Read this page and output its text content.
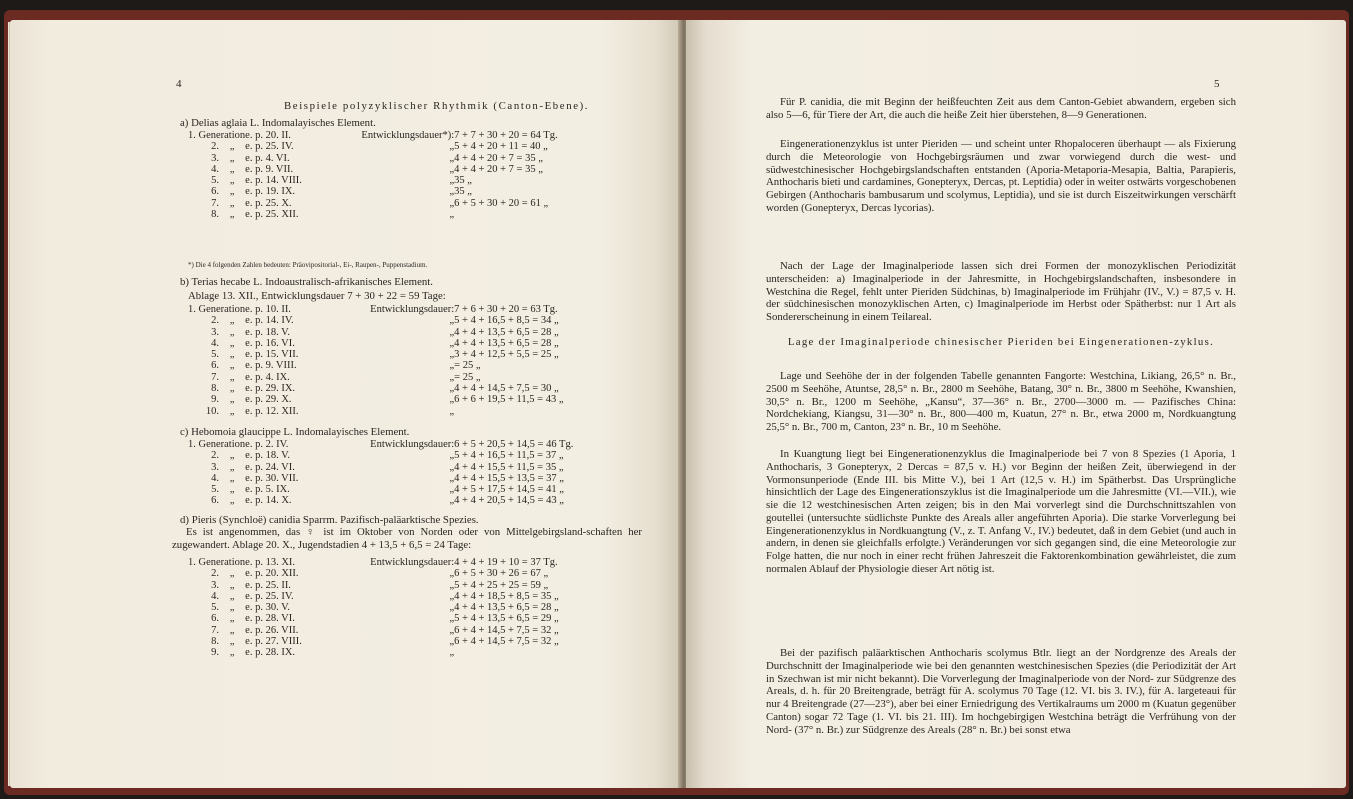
4
Beispiele polyzyklischer Rhythmik (Canton-Ebene).
a) Delias aglaia L. Indomalayisches Element.
1. Generation		e. p. 20. II.	Entwicklungsdauer*):	7 + 7 + 30 + 20 = 64 Tg.
2.	„	e. p. 25. IV.	„	5 + 4 + 20 + 11 = 40 „
3.	„	e. p. 4. VI.	„	4 + 4 + 20 + 7 = 35 „
4.	„	e. p. 9. VII.	„	4 + 4 + 20 + 7 = 35 „
5.	„	e. p. 14. VIII.	„	35 „
6.	„	e. p. 19. IX.	„	35 „
7.	„	e. p. 25. X.	„	6 + 5 + 30 + 20 = 61 „
8.	„	e. p. 25. XII.	„	
*) Die 4 folgenden Zahlen bedeuten: Präovipositorial-, Ei-, Raupen-, Puppenstadium.
b) Terias hecabe L. Indoaustralisch-afrikanisches Element.
Ablage 13. XII., Entwicklungsdauer 7 + 30 + 22 = 59 Tage:
1. Generation		e. p. 10. II.	Entwicklungsdauer:	7 + 6 + 30 + 20 = 63 Tg.
2.	„	e. p. 14. IV.	„	5 + 4 + 16,5 + 8,5 = 34 „
3.	„	e. p. 18. V.	„	4 + 4 + 13,5 + 6,5 = 28 „
4.	„	e. p. 16. VI.	„	4 + 4 + 13,5 + 6,5 = 28 „
5.	„	e. p. 15. VII.	„	3 + 4 + 12,5 + 5,5 = 25 „
6.	„	e. p. 9. VIII.	„	= 25 „
7.	„	e. p. 4. IX.	„	= 25 „
8.	„	e. p. 29. IX.	„	4 + 4 + 14,5 + 7,5 = 30 „
9.	„	e. p. 29. X.	„	6 + 6 + 19,5 + 11,5 = 43 „
10.	„	e. p. 12. XII.	„	
c) Hebomoia glaucippe L. Indomalayisches Element.
1. Generation		e. p. 2. IV.	Entwicklungsdauer:	6 + 5 + 20,5 + 14,5 = 46 Tg.
2.	„	e. p. 18. V.	„	5 + 4 + 16,5 + 11,5 = 37 „
3.	„	e. p. 24. VI.	„	4 + 4 + 15,5 + 11,5 = 35 „
4.	„	e. p. 30. VII.	„	4 + 4 + 15,5 + 13,5 = 37 „
5.	„	e. p. 5. IX.	„	4 + 5 + 17,5 + 14,5 = 41 „
6.	„	e. p. 14. X.	„	4 + 4 + 20,5 + 14,5 = 43 „
d) Pieris (Synchloë) canidia Sparrm. Pazifisch-paläarktische Spezies.
Es ist angenommen, das ♀ ist im Oktober von Norden oder von Mittelgebirgsland-schaften her zugewandert. Ablage 20. X., Jugendstadien 4 + 13,5 + 6,5 = 24 Tage:
1. Generation		e. p. 13. XI.	Entwicklungsdauer:	4 + 4 + 19 + 10 = 37 Tg.
2.	„	e. p. 20. XII.	„	6 + 5 + 30 + 26 = 67 „
3.	„	e. p. 25. II.	„	5 + 4 + 25 + 25 = 59 „
4.	„	e. p. 25. IV.	„	4 + 4 + 18,5 + 8,5 = 35 „
5.	„	e. p. 30. V.	„	4 + 4 + 13,5 + 6,5 = 28 „
6.	„	e. p. 28. VI.	„	5 + 4 + 13,5 + 6,5 = 29 „
7.	„	e. p. 26. VII.	„	6 + 4 + 14,5 + 7,5 = 32 „
8.	„	e. p. 27. VIII.	„	6 + 4 + 14,5 + 7,5 = 32 „
9.	„	e. p. 28. IX.	„	
5
Für P. canidia, die mit Beginn der heißfeuchten Zeit aus dem Canton-Gebiet abwandern, ergeben sich also 5—6, für Tiere der Art, die auch die heiße Zeit hier überstehen, 8—9 Generationen.
Eingenerationenzyklus ist unter Pieriden — und scheint unter Rhopaloceren überhaupt — als Fixierung durch die Meteorologie von Hochgebirgsräumen und zwar vorwiegend durch die west- und südwestchinesischer Hochgebirgslandschaften entstanden (Aporia-Metaporia-Mesapia, Baltia, Parapieris, Anthocharis bieti und cardamines, Gonepteryx, Dercas, pt. Leptidia) oder in weiter ostwärts vorgeschobenen Gebirgen (Anthocharis bambusarum und scolymus, Leptidia), und sie ist durch Eiszeitwirkungen verschärft worden (Gonepteryx, Dercas lycorias).
Nach der Lage der Imaginalperiode lassen sich drei Formen der monozyklischen Periodizität unterscheiden: a) Imaginalperiode in der Jahresmitte, in Hochgebirgslandschaften, insbesondere in Westchina die Regel, fehlt unter Pieriden Südchinas, b) Imaginalperiode im Frühjahr (IV., V.) = 87,5 v. H. der südchinesischen monozyklischen Arten, c) Imaginalperiode im Herbst oder Spätherbst: nur 1 Art als Sondererscheinung in einem Teilareal.
Lage der Imaginalperiode chinesischer Pieriden bei Eingenerationen-zyklus.
Lage und Seehöhe der in der folgenden Tabelle genannten Fangorte: Westchina, Likiang, 26,5° n. Br., 2500 m Seehöhe, Atuntse, 28,5° n. Br., 2800 m Seehöhe, Batang, 30° n. Br., 3800 m Seehöhe, Kwanshien, 30,5° n. Br., 1200 m Seehöhe, „Kansu“, 37—36° n. Br., 2700—3000 m. — Pazifisches China: Nordchekiang, Kiangsu, 31—30° n. Br., 800—400 m, Kuatun, 27° n. Br., etwa 2000 m, Nordkuangtung 25,5° n. Br., 700 m, Canton, 23° n. Br., 10 m Seehöhe.
In Kuangtung liegt bei Eingenerationenzyklus die Imaginalperiode bei 7 von 8 Spezies (1 Aporia, 1 Anthocharis, 3 Gonepteryx, 2 Dercas = 87,5 v. H.) vor Beginn der heißen Zeit, überwiegend in der Vormonsunperiode (Ende III. bis Mitte V.), bei 1 Art (12,5 v. H.) im Spätherbst. Das Ursprüngliche hinsichtlich der Lage des Eingenerationszyklus ist die Imaginalperiode um die Jahresmitte (VI.—VII.), wie sie die 12 westchinesischen Arten zeigen; bis in den Mai vorverlegt sind die Durchschnittszahlen von goutellei (untersuchte südlichste Punkte des Areals aller angeführten Aporia). Die starke Vorverlegung bei Eingenerationenzyklus in Nordkuangtung (V., z. T. Anfang V., IV.) bedeutet, daß in dem Gebiet (und auch in andern, in denen sie gleichfalls erfolgte.) Veränderungen vor sich gegangen sind, die eine Meteorologie zur Folge hatten, die nur noch in einer recht frühen Jahreszeit die Faktorenkombination gewährleistet, die zum normalen Ablauf der Physiologie dieser Art nötig ist.
Bei der pazifisch paläarktischen Anthocharis scolymus Btlr. liegt an der Nordgrenze des Areals der Durchschnitt der Imaginalperiode wie bei den genannten westchinesischen Spezies (die Periodizität der Art in Szechwan ist mir nicht bekannt). Die Vorverlegung der Imaginalperiode von der Nord- zur Südgrenze des Areals, d. h. für 20 Breitengrade, beträgt für A. scolymus 70 Tage (12. VI. bis 3. IV.), für A. largeteaui für nur 4 Breitengrade (27—23°), aber bei einer Erniedrigung des Vertikalraums um 2000 m (Kuatun gegenüber Canton) sogar 72 Tage (1. VI. bis 21. III). Im hochgebirgigen Westchina beträgt die Verfrühung von der Nord- (37° n. Br.) zur Südgrenze des Areals (28° n. Br.) bei sonst etwa
